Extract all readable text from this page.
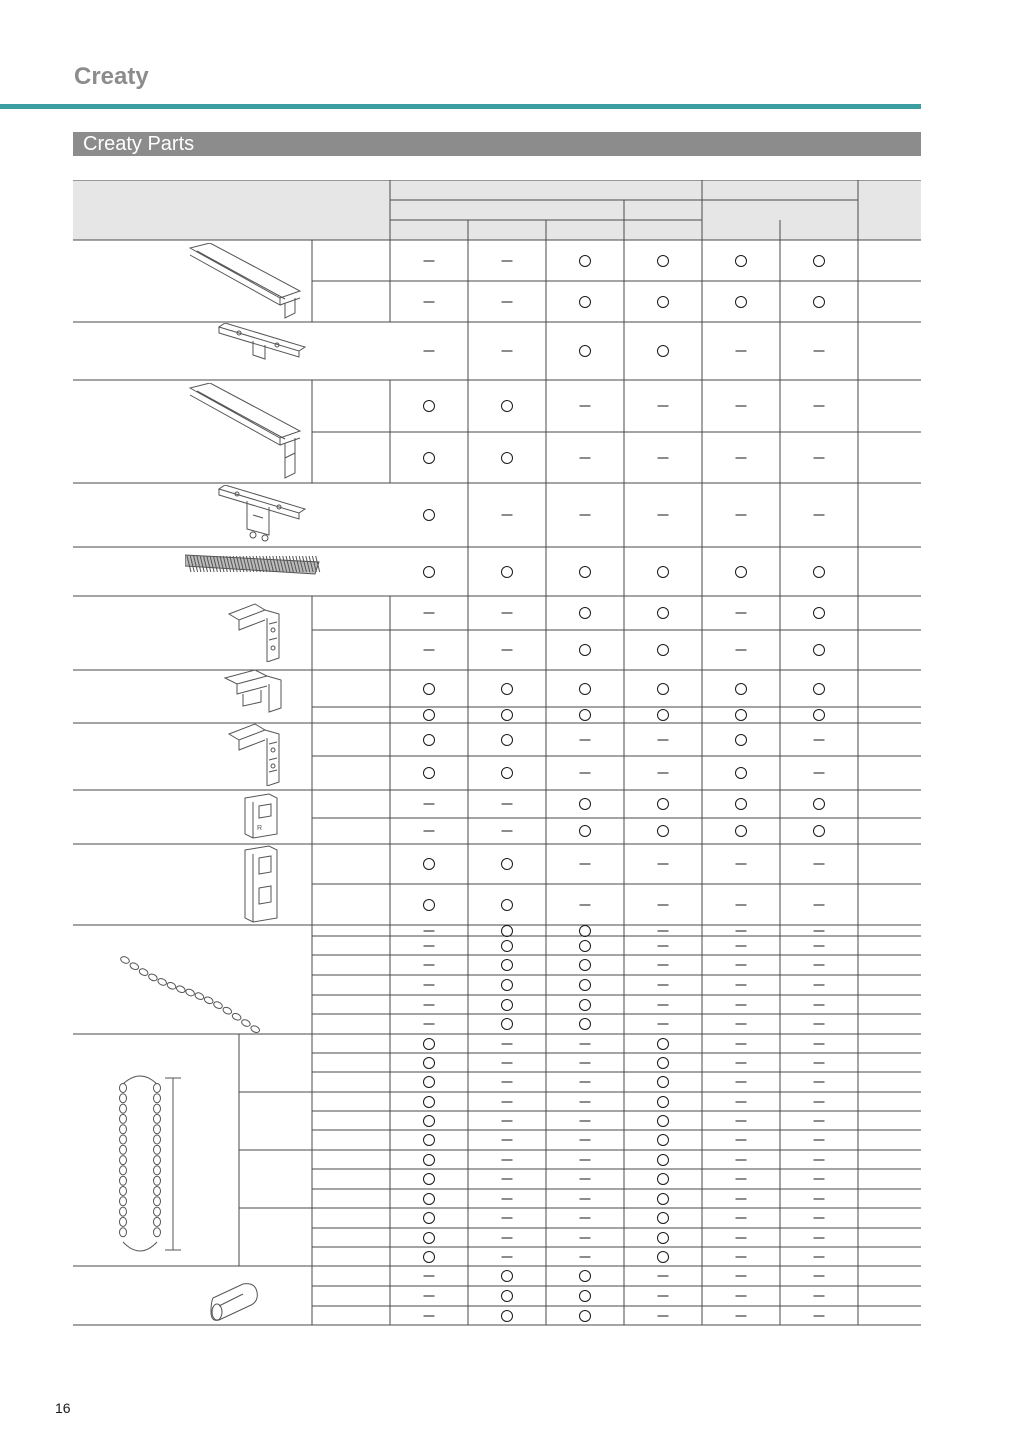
Creaty
Creaty Parts
R
16
